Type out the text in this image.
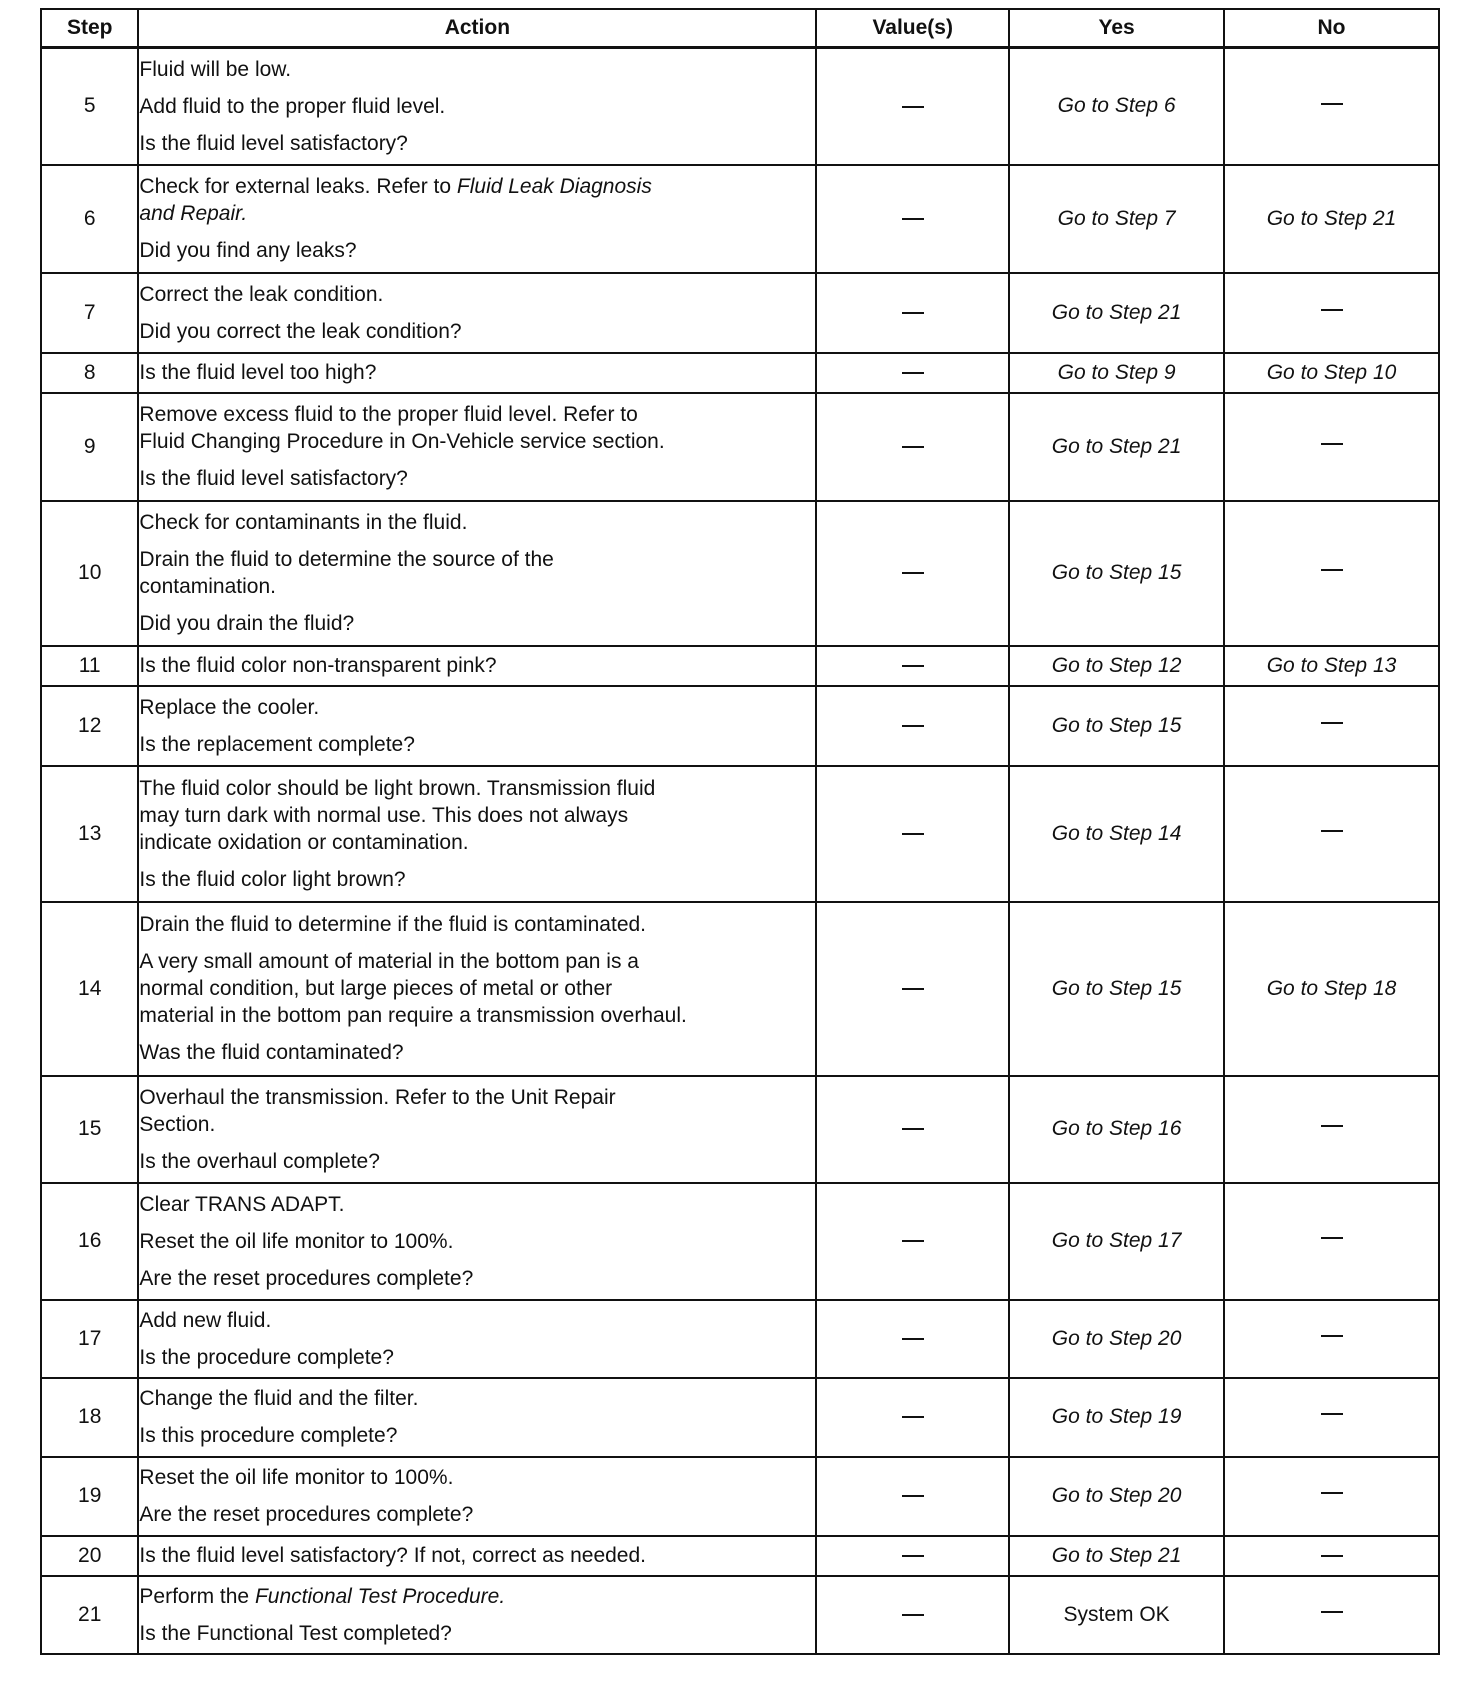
Step	Action	Value(s)	Yes	No
5	Fluid will be low.
Add fluid to the proper fluid level.
Is the fluid level satisfactory?		Go to Step 6	
6	Check for external leaks. Refer to Fluid Leak Diagnosis
and Repair.
Did you find any leaks?		Go to Step 7	Go to Step 21
7	Correct the leak condition.
Did you correct the leak condition?		Go to Step 21	
8	Is the fluid level too high?		Go to Step 9	Go to Step 10
9	Remove excess fluid to the proper fluid level. Refer to
Fluid Changing Procedure in On-Vehicle service section.
Is the fluid level satisfactory?		Go to Step 21	
10	Check for contaminants in the fluid.
Drain the fluid to determine the source of the
contamination.
Did you drain the fluid?		Go to Step 15	
11	Is the fluid color non-transparent pink?		Go to Step 12	Go to Step 13
12	Replace the cooler.
Is the replacement complete?		Go to Step 15	
13	The fluid color should be light brown. Transmission fluid
may turn dark with normal use. This does not always
indicate oxidation or contamination.
Is the fluid color light brown?		Go to Step 14	
14	Drain the fluid to determine if the fluid is contaminated.
A very small amount of material in the bottom pan is a
normal condition, but large pieces of metal or other
material in the bottom pan require a transmission overhaul.
Was the fluid contaminated?		Go to Step 15	Go to Step 18
15	Overhaul the transmission. Refer to the Unit Repair
Section.
Is the overhaul complete?		Go to Step 16	
16	Clear TRANS ADAPT.
Reset the oil life monitor to 100%.
Are the reset procedures complete?		Go to Step 17	
17	Add new fluid.
Is the procedure complete?		Go to Step 20	
18	Change the fluid and the filter.
Is this procedure complete?		Go to Step 19	
19	Reset the oil life monitor to 100%.
Are the reset procedures complete?		Go to Step 20	
20	Is the fluid level satisfactory? If not, correct as needed.		Go to Step 21	
21	Perform the Functional Test Procedure.
Is the Functional Test completed?		System OK	
